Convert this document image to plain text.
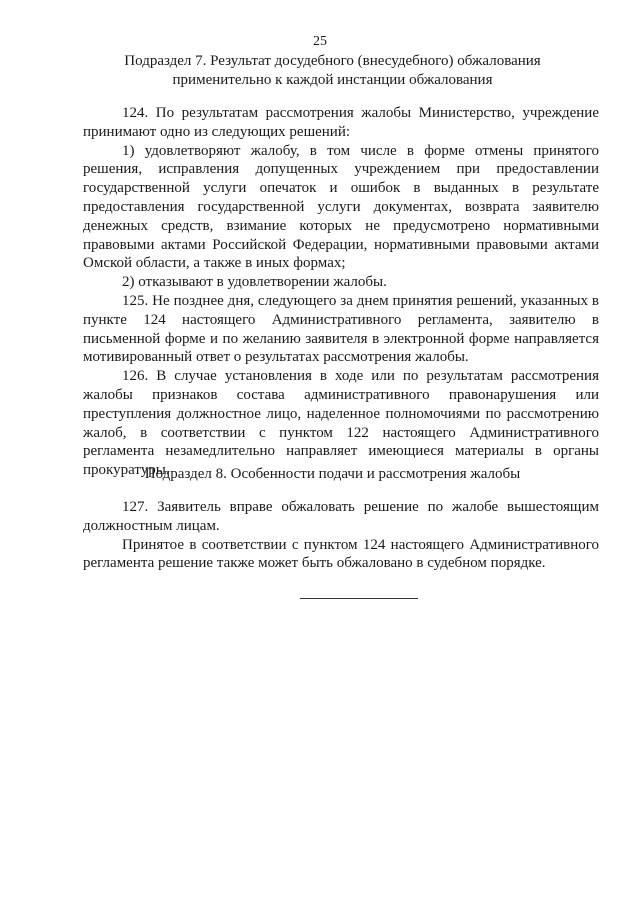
25
Подраздел 7. Результат досудебного (внесудебного) обжалования
применительно к каждой инстанции обжалования

124. По результатам рассмотрения жалобы Министерство, учреждение принимают одно из следующих решений:

1) удовлетворяют жалобу, в том числе в форме отмены принятого решения, исправления допущенных учреждением при предоставлении государственной услуги опечаток и ошибок в выданных в результате предоставления государственной услуги документах, возврата заявителю денежных средств, взимание которых не предусмотрено нормативными правовыми актами Российской Федерации, нормативными правовыми актами Омской области, а также в иных формах;

2) отказывают в удовлетворении жалобы.

125. Не позднее дня, следующего за днем принятия решений, указанных в пункте 124 настоящего Административного регламента, заявителю в письменной форме и по желанию заявителя в электронной форме направляется мотивированный ответ о результатах рассмотрения жалобы.

126. В случае установления в ходе или по результатам рассмотрения жалобы признаков состава административного правонарушения или преступления должностное лицо, наделенное полномочиями по рассмотрению жалоб, в соответствии с пунктом 122 настоящего Административного регламента незамедлительно направляет имеющиеся материалы в органы прокуратуры.

Подраздел 8. Особенности подачи и рассмотрения жалобы

127. Заявитель вправе обжаловать решение по жалобе вышестоящим должностным лицам.

Принятое в соответствии с пунктом 124 настоящего Административного регламента решение также может быть обжаловано в судебном порядке.
